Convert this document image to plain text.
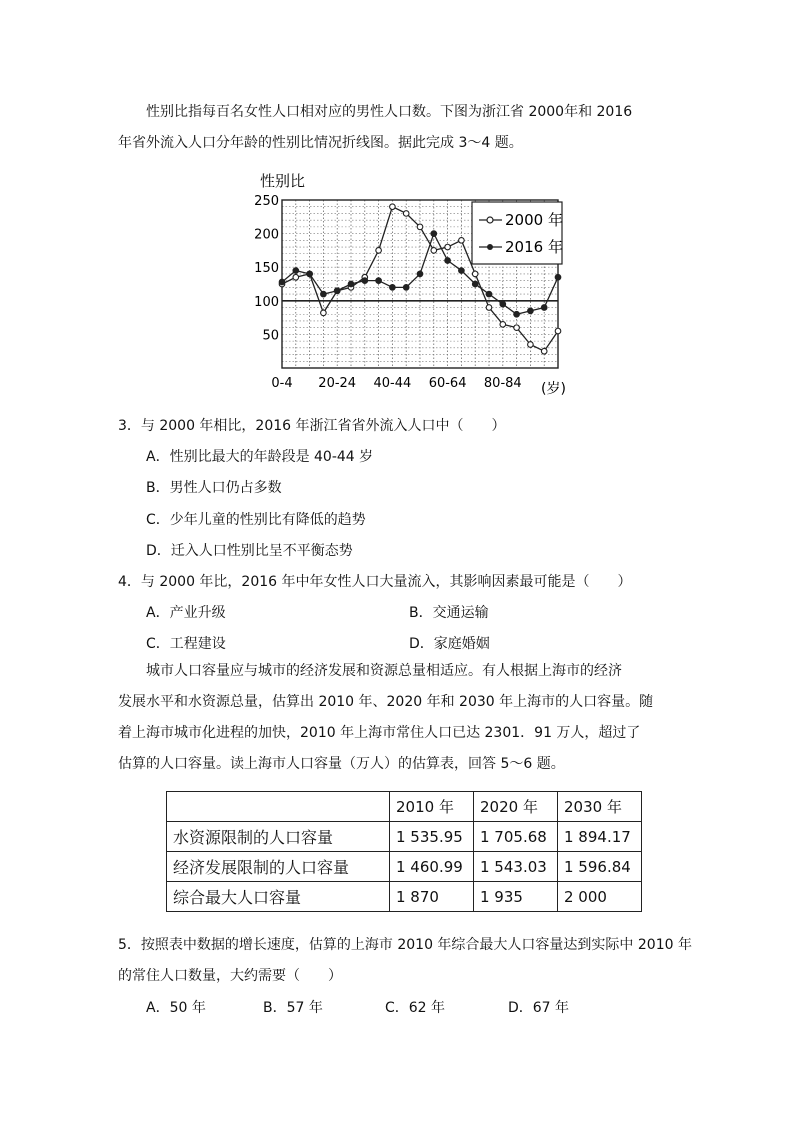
性别比指每百名女性人口相对应的男性人口数。下图为浙江省 2000年和 2016

年省外流入人口分年龄的性别比情况折线图。据此完成 3～4 题。

性别比
50
100
150
200
250
0-4 20-24 40-44 60-64 80-84
2000 年
2016 年
(岁)
3．与 2000 年相比，2016 年浙江省省外流入人口中（　　）
A．性别比最大的年龄段是 40-44 岁
B．男性人口仍占多数
C．少年儿童的性别比有降低的趋势
D．迁入人口性别比呈不平衡态势
4．与 2000 年比，2016 年中年女性人口大量流入，其影响因素最可能是（　　）
A．产业升级	B．交通运输
C．工程建设	D．家庭婚姻

城市人口容量应与城市的经济发展和资源总量相适应。有人根据上海市的经济

发展水平和水资源总量，估算出 2010 年、2020 年和 2030 年上海市的人口容量。随

着上海市城市化进程的加快，2010 年上海市常住人口已达 2301．91 万人，超过了

估算的人口容量。读上海市人口容量（万人）的估算表，回答 5～6 题。

	2010 年	2020 年	2030 年
水资源限制的人口容量	1 535.95	1 705.68	1 894.17
经济发展限制的人口容量	1 460.99	1 543.03	1 596.84
综合最大人口容量	1 870	1 935	2 000
5．按照表中数据的增长速度，估算的上海市 2010 年综合最大人口容量达到实际中 2010 年
的常住人口数量，大约需要（　　）
A．50 年	B．57 年	C．62 年	D．67 年
